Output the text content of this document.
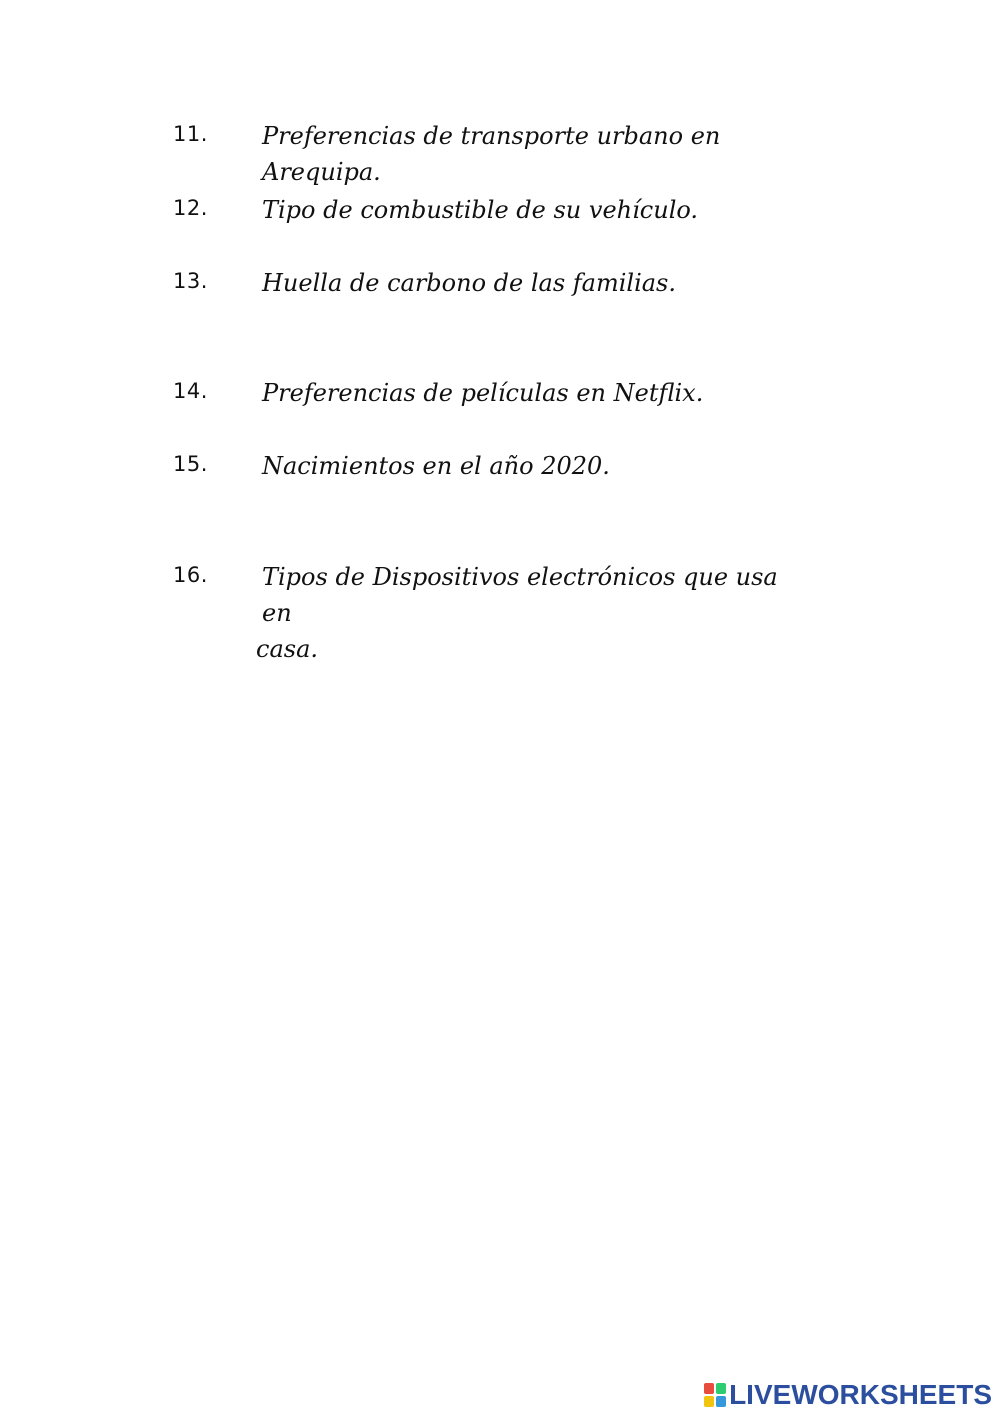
11. Preferencias de transporte urbano en Arequipa.
12. Tipo de combustible de su vehículo.
13. Huella de carbono de las familias.
14. Preferencias de películas en Netflix.
15. Nacimientos en el año 2020.
16. Tipos de Dispositivos electrónicos que usa en
casa.
LIVEWORKSHEETS
